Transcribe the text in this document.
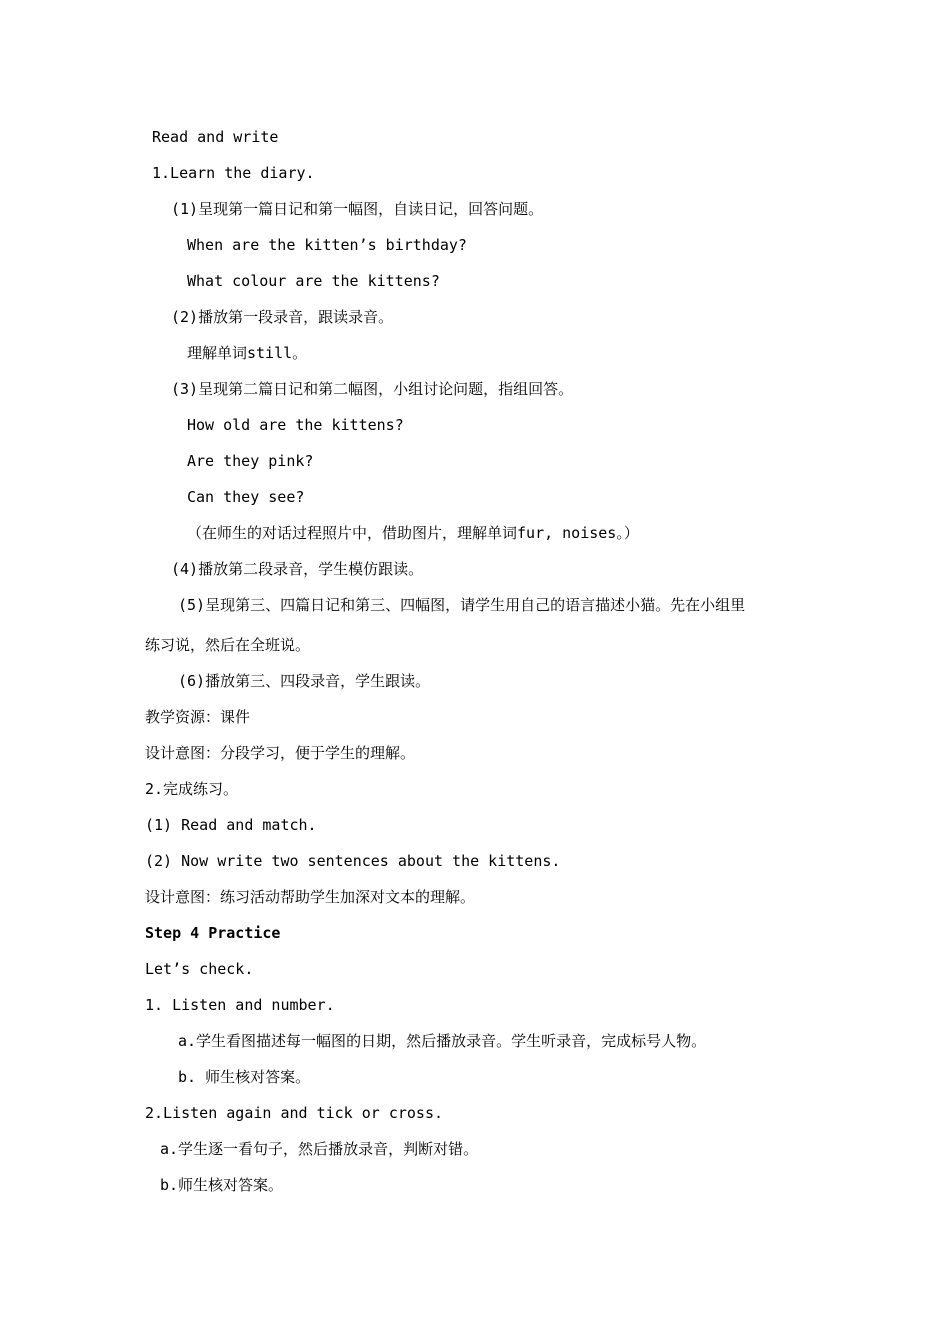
Read and write
1.Learn the diary.
(1)呈现第一篇日记和第一幅图，自读日记，回答问题。
When are the kitten’s birthday?
What colour are the kittens?
(2)播放第一段录音，跟读录音。
理解单词still。
(3)呈现第二篇日记和第二幅图，小组讨论问题，指组回答。
How old are the kittens?
Are they pink?
Can they see?
（在师生的对话过程照片中，借助图片，理解单词fur, noises。）
(4)播放第二段录音，学生模仿跟读。
(5)呈现第三、四篇日记和第三、四幅图，请学生用自己的语言描述小猫。先在小组里
练习说，然后在全班说。
(6)播放第三、四段录音，学生跟读。
教学资源：课件
设计意图：分段学习，便于学生的理解。
2.完成练习。
(1) Read and match.
(2) Now write two sentences about the kittens.
设计意图：练习活动帮助学生加深对文本的理解。
Step 4 Practice
Let’s check.
1. Listen and number.
a.学生看图描述每一幅图的日期，然后播放录音。学生听录音，完成标号人物。
b. 师生核对答案。
2.Listen again and tick or cross.
a.学生逐一看句子，然后播放录音，判断对错。
b.师生核对答案。
